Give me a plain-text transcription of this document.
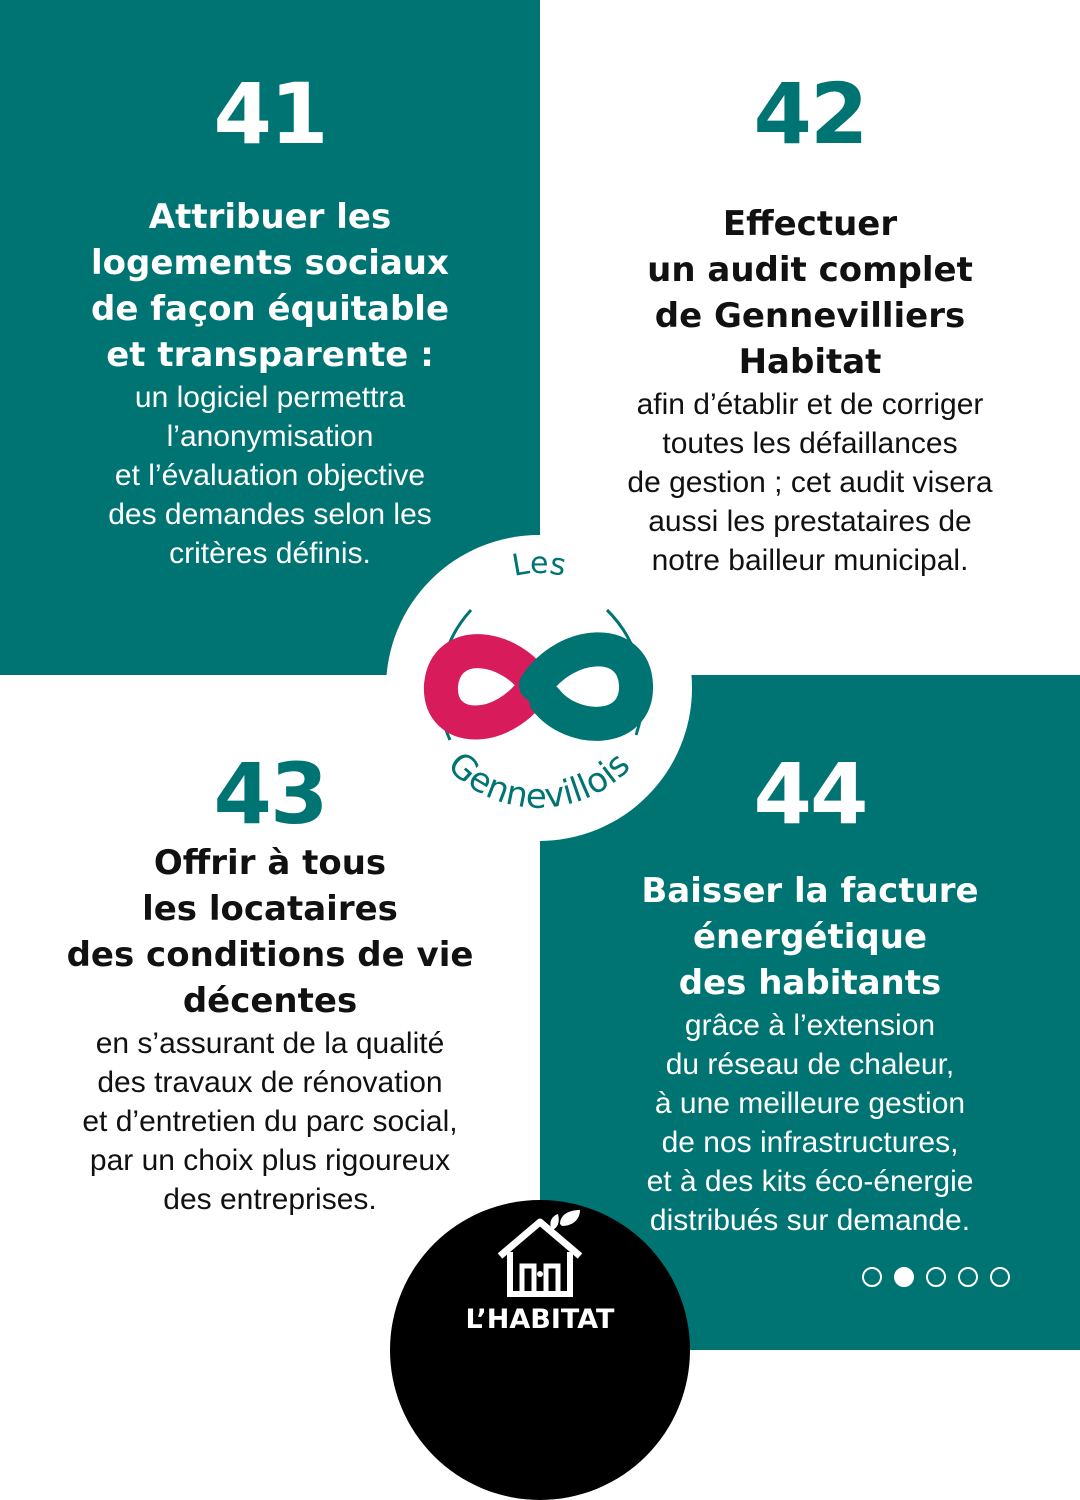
41

Attribuer les
logements sociaux
de façon équitable
et transparente :

un logiciel permettra
l’anonymisation
et l’évaluation objective
des demandes selon les
critères définis.

42

Effectuer
un audit complet
de Gennevilliers
Habitat

afin d’établir et de corriger
toutes les défaillances
de gestion ; cet audit visera
aussi les prestataires de
notre bailleur municipal.

43

Offrir à tous
les locataires
des conditions de vie
décentes

en s’assurant de la qualité
des travaux de rénovation
et d’entretien du parc social,
par un choix plus rigoureux
des entreprises.

44

Baisser la facture
énergétique
des habitants

grâce à l’extension
du réseau de chaleur,
à une meilleure gestion
de nos infrastructures,
et à des kits éco-énergie
distribués sur demande.

Les
Gennevillois
L’HABITAT
